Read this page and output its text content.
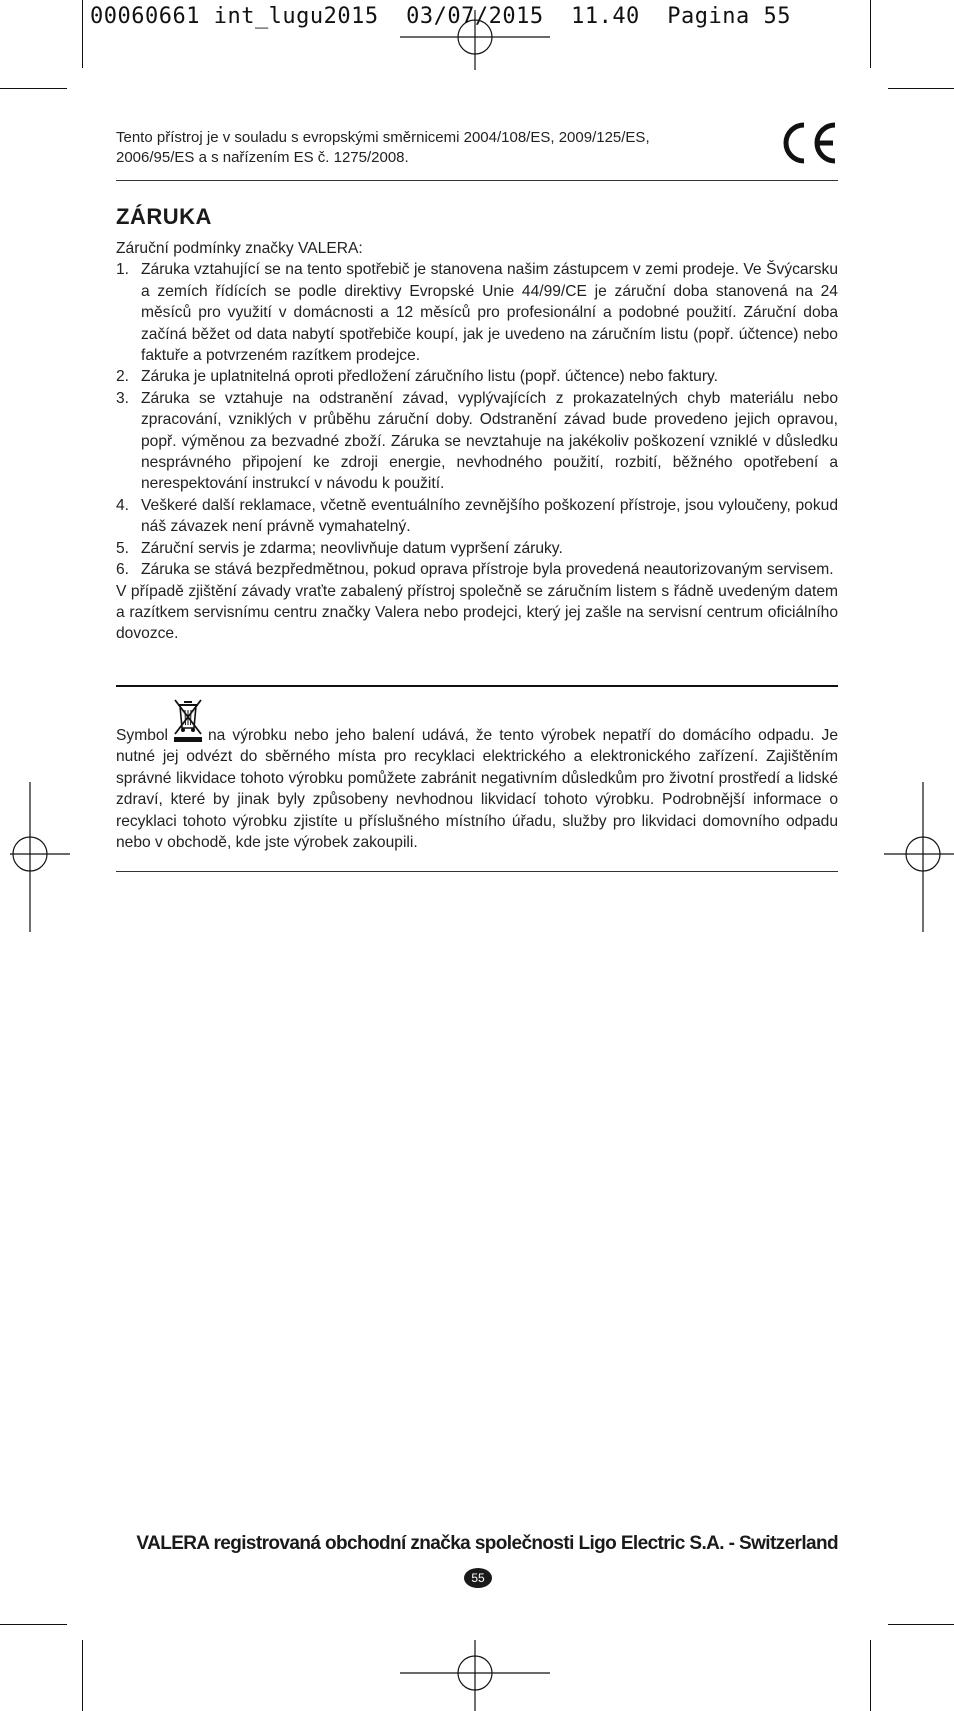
00060661 int_lugu2015  03/07/2015  11.40  Pagina 55
Tento přístroj je v souladu s evropskými směrnicemi 2004/108/ES, 2009/125/ES,
2006/95/ES a s nařízením ES č. 1275/2008.
ZÁRUKA

Záruční podmínky značky VALERA:

1. Záruka vztahující se na tento spotřebič je stanovena našim zástupcem v zemi prodeje. Ve Švýcarsku a zemích řídících se podle direktivy Evropské Unie 44/99/CE je záruční doba stanovená na 24 měsíců pro využití v domácnosti a 12 měsíců pro profesionální a podobné použití. Záruční doba začíná běžet od data nabytí spotřebiče koupí, jak je uvedeno na záručním listu (popř. účtence) nebo faktuře a potvrzeném razítkem prodejce.
2. Záruka je uplatnitelná oproti předložení záručního listu (popř. účtence) nebo faktury.
3. Záruka se vztahuje na odstranění závad, vyplývajících z prokazatelných chyb materiálu nebo zpracování, vzniklých v průběhu záruční doby. Odstranění závad bude provedeno jejich opravou, popř. výměnou za bezvadné zboží. Záruka se nevztahuje na jakékoliv poškození vzniklé v důsledku nesprávného připojení ke zdroji energie, nevhodného použití, rozbití, běžného opotřebení a nerespektování instrukcí v návodu k použití.
4. Veškeré další reklamace, včetně eventuálního zevnějšího poškození přístroje, jsou vyloučeny, pokud náš závazek není právně vymahatelný.
5. Záruční servis je zdarma; neovlivňuje datum vypršení záruky.
6. Záruka se stává bezpředmětnou, pokud oprava přístroje byla provedená neautorizovaným servisem.

V případě zjištění závady vraťte zabalený přístroj společně se záručním listem s řádně uvedeným datem a razítkem servisnímu centru značky Valera nebo prodejci, který jej zašle na servisní centrum oficiálního dovozce.

Symbol	na výrobku nebo jeho balení udává, že tento výrobek nepatří do domácího odpadu. Je nutné jej odvézt do sběrného místa pro recyklaci elektrického a elektronického zařízení. Zajištěním správné likvidace tohoto výrobku pomůžete zabránit negativním důsledkům pro životní prostředí a lidské zdraví, které by jinak byly způsobeny nevhodnou likvidací tohoto výrobku. Podrobnější informace o recyklaci tohoto výrobku zjistíte u příslušného místního úřadu, služby pro likvidaci domovního odpadu nebo v obchodě, kde jste výrobek zakoupili.

VALERA registrovaná obchodní značka společnosti Ligo Electric S.A. - Switzerland
55
